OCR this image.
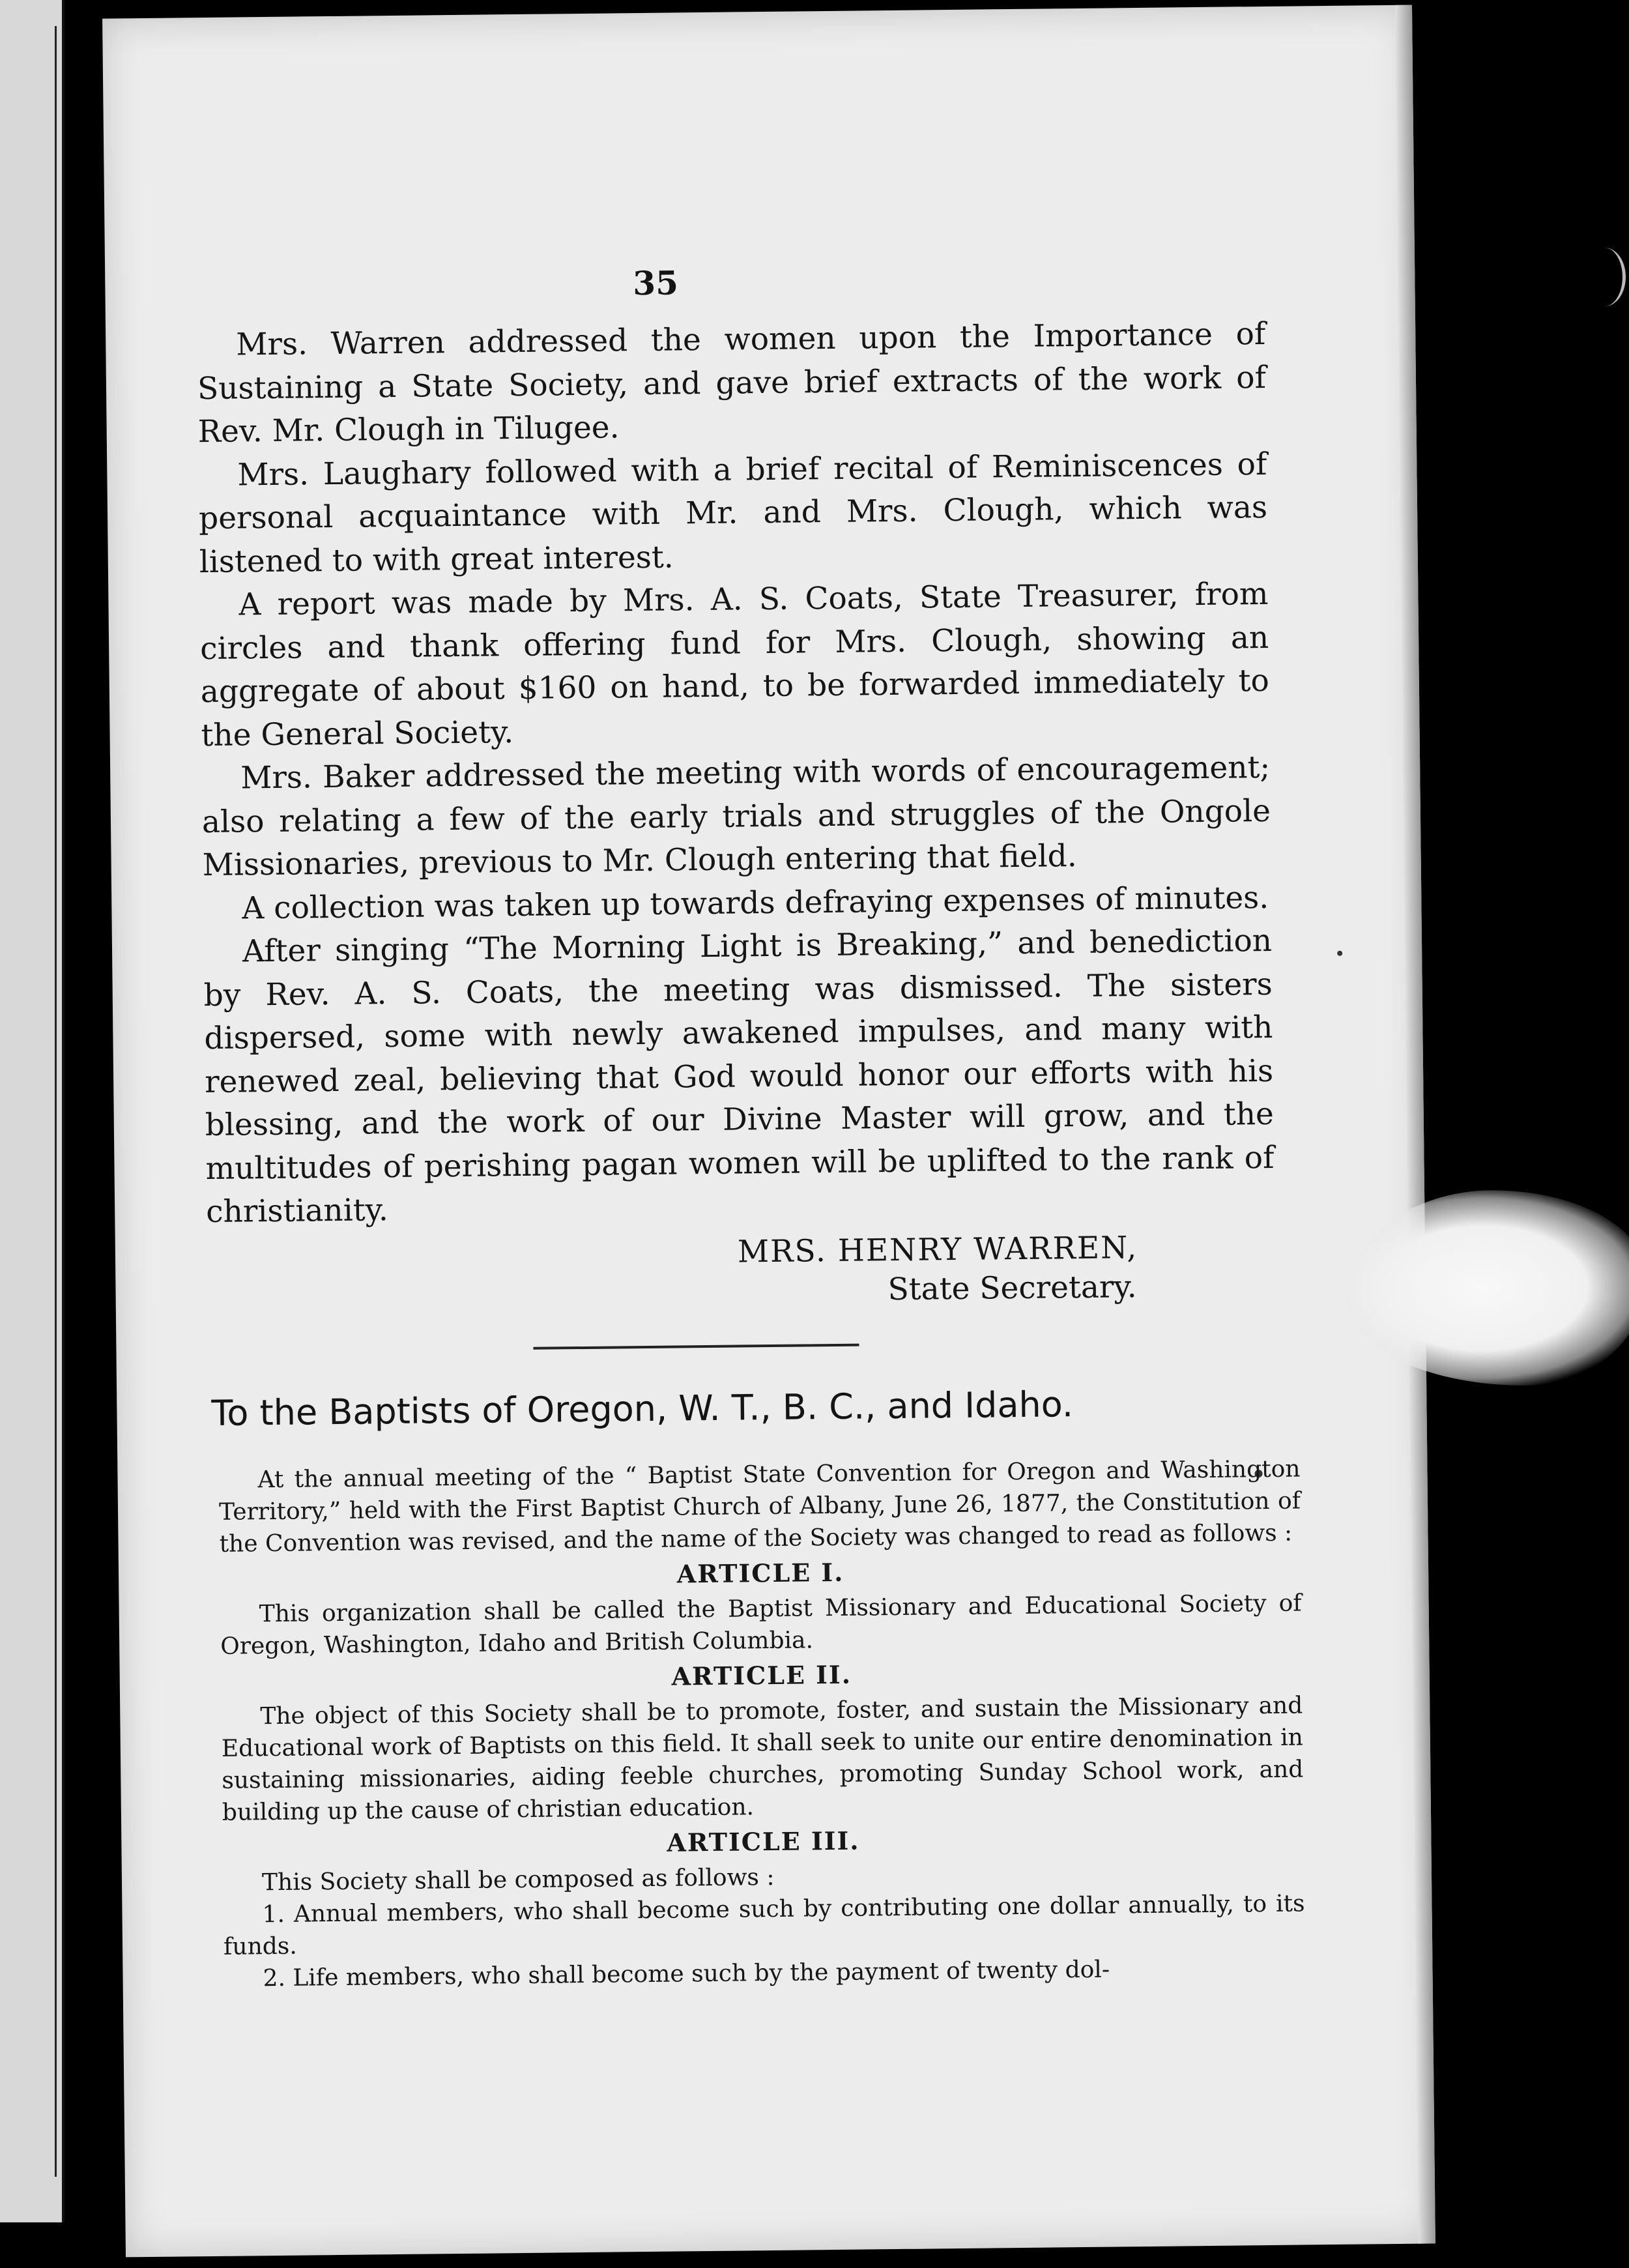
35

Mrs. Warren addressed the women upon the Importance of Sustaining a State Society, and gave brief extracts of the work of Rev. Mr. Clough in Tilugee.

Mrs. Laughary followed with a brief recital of Reminiscences of personal acquaintance with Mr. and Mrs. Clough, which was listened to with great interest.

A report was made by Mrs. A. S. Coats, State Treasurer, from circles and thank offering fund for Mrs. Clough, showing an aggregate of about $160 on hand, to be forwarded immediately to the General Society.

Mrs. Baker addressed the meeting with words of encouragement; also relating a few of the early trials and struggles of the Ongole Missionaries, previous to Mr. Clough entering that field.

A collection was taken up towards defraying expenses of minutes.

After singing “The Morning Light is Breaking,” and benediction by Rev. A. S. Coats, the meeting was dismissed. The sisters dispersed, some with newly awakened impulses, and many with renewed zeal, believing that God would honor our efforts with his blessing, and the work of our Divine Master will grow, and the multitudes of perishing pagan women will be uplifted to the rank of christianity.

MRS. HENRY WARREN,
State Secretary.
To the Baptists of Oregon, W. T., B. C., and Idaho.

At the annual meeting of the “ Baptist State Convention for Oregon and Washington Territory,” held with the First Baptist Church of Albany, June 26, 1877, the Constitution of the Convention was revised, and the name of the Society was changed to read as follows :

ARTICLE I.

This organization shall be called the Baptist Missionary and Educational Society of Oregon, Washington, Idaho and British Columbia.

ARTICLE II.

The object of this Society shall be to promote, foster, and sustain the Missionary and Educational work of Baptists on this field. It shall seek to unite our entire denomination in sustaining missionaries, aiding feeble churches, promoting Sunday School work, and building up the cause of christian education.

ARTICLE III.

This Society shall be composed as follows :

1. Annual members, who shall become such by contributing one dollar annually, to its funds.

2. Life members, who shall become such by the payment of twenty dol-
